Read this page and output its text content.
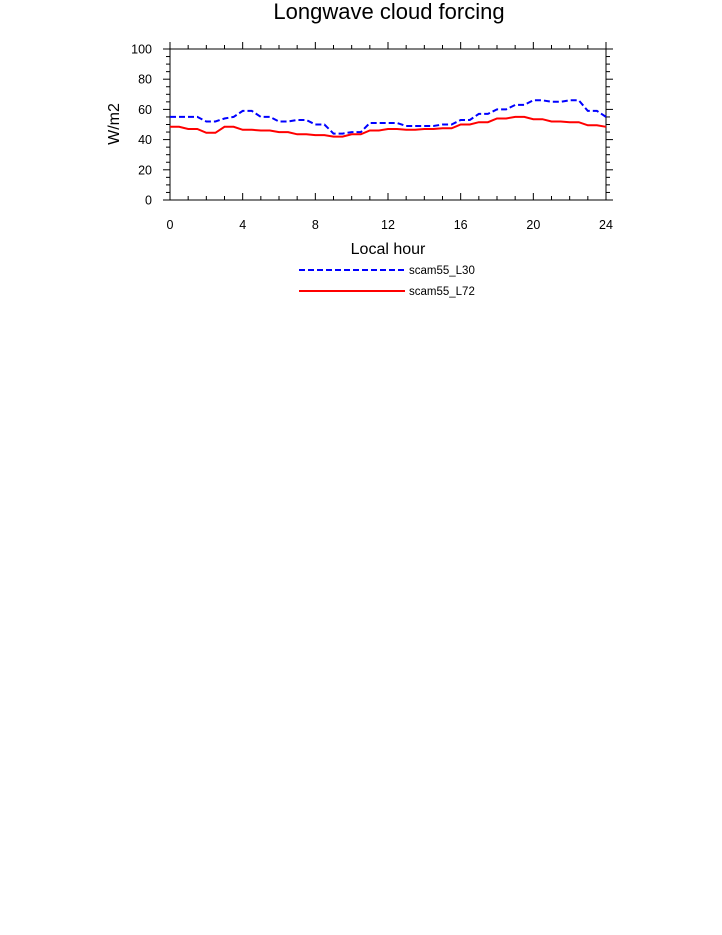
Longwave cloud forcing
0	4	8	12	16	20	24
0
20
40
60
80
100
Local hour
W/m2
scam55_L30
scam55_L72
